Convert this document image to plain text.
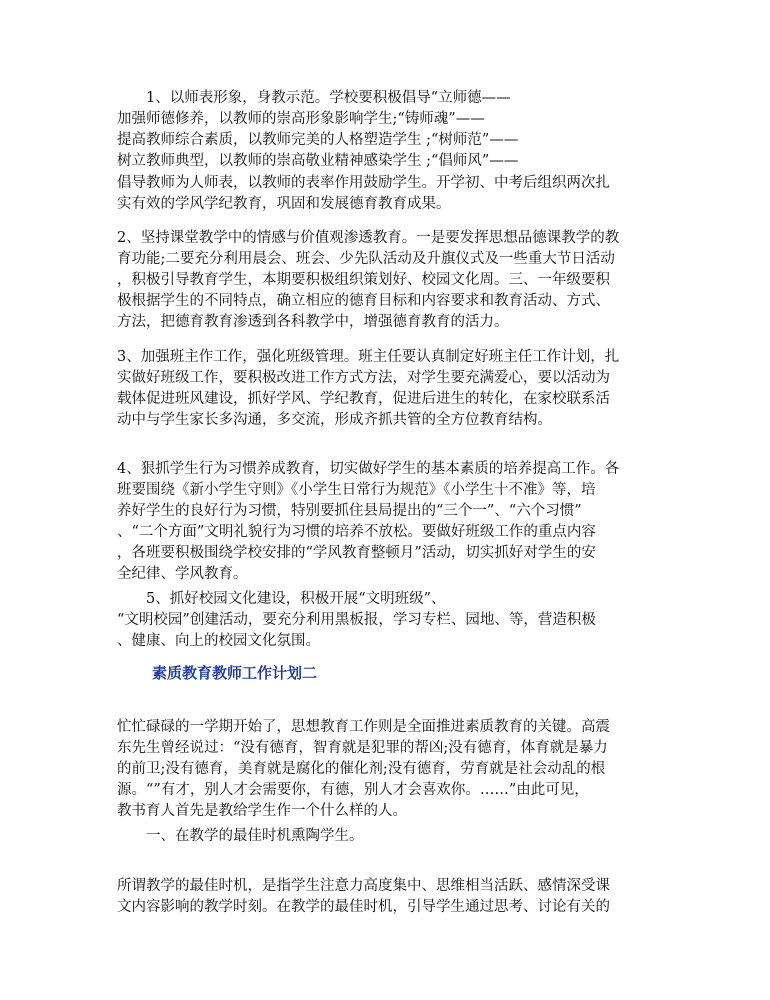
　　1、以师表形象，身教示范。学校要积极倡导“立师德——
加强师德修养，以教师的崇高形象影响学生;“铸师魂”——
提高教师综合素质，以教师完美的人格塑造学生 ;“树师范”——
树立教师典型，以教师的崇高敬业精神感染学生 ;“倡师风”——
倡导教师为人师表，以教师的表率作用鼓励学生。开学初、中考后组织两次扎
实有效的学风学纪教育，巩固和发展德育教育成果。
2、坚持课堂教学中的情感与价值观渗透教育。一是要发挥思想品德课教学的教
育功能;二要充分利用晨会、班会、少先队活动及升旗仪式及一些重大节日活动
，积极引导教育学生，本期要积极组织策划好、校园文化周。三、一年级要积
极根据学生的不同特点，确立相应的德育目标和内容要求和教育活动、方式、
方法，把德育教育渗透到各科教学中，增强德育教育的活力。
3、加强班主作工作，强化班级管理。班主任要认真制定好班主任工作计划，扎
实做好班级工作，要积极改进工作方式方法，对学生要充满爱心，要以活动为
载体促进班风建设，抓好学风、学纪教育，促进后进生的转化，在家校联系活
动中与学生家长多沟通，多交流，形成齐抓共管的全方位教育结构。
4、狠抓学生行为习惯养成教育，切实做好学生的基本素质的培养提高工作。各
班要围绕《新小学生守则》《小学生日常行为规范》《小学生十不准》等，培
养好学生的良好行为习惯，特别要抓住县局提出的“三个一”、“六个习惯”
、“二个方面”文明礼貌行为习惯的培养不放松。要做好班级工作的重点内容
，各班要积极围绕学校安排的“学风教育整顿月”活动，切实抓好对学生的安
全纪律、学风教育。
　　5、抓好校园文化建设，积极开展“文明班级”、
“文明校园”创建活动，要充分利用黑板报，学习专栏、园地、等，营造积极
、健康、向上的校园文化氛围。
素质教育教师工作计划二
忙忙碌碌的一学期开始了，思想教育工作则是全面推进素质教育的关键。高震
东先生曾经说过：“没有德育，智育就是犯罪的帮凶;没有德育，体育就是暴力
的前卫;没有德育，美育就是腐化的催化剂;没有德育，劳育就是社会动乱的根
源。“”有才，别人才会需要你，有德，别人才会喜欢你。……”由此可见，
教书育人首先是教给学生作一个什么样的人。
　　一、在教学的最佳时机熏陶学生。
所谓教学的最佳时机，是指学生注意力高度集中、思维相当活跃、感情深受课
文内容影响的教学时刻。在教学的最佳时机，引导学生通过思考、讨论有关的
